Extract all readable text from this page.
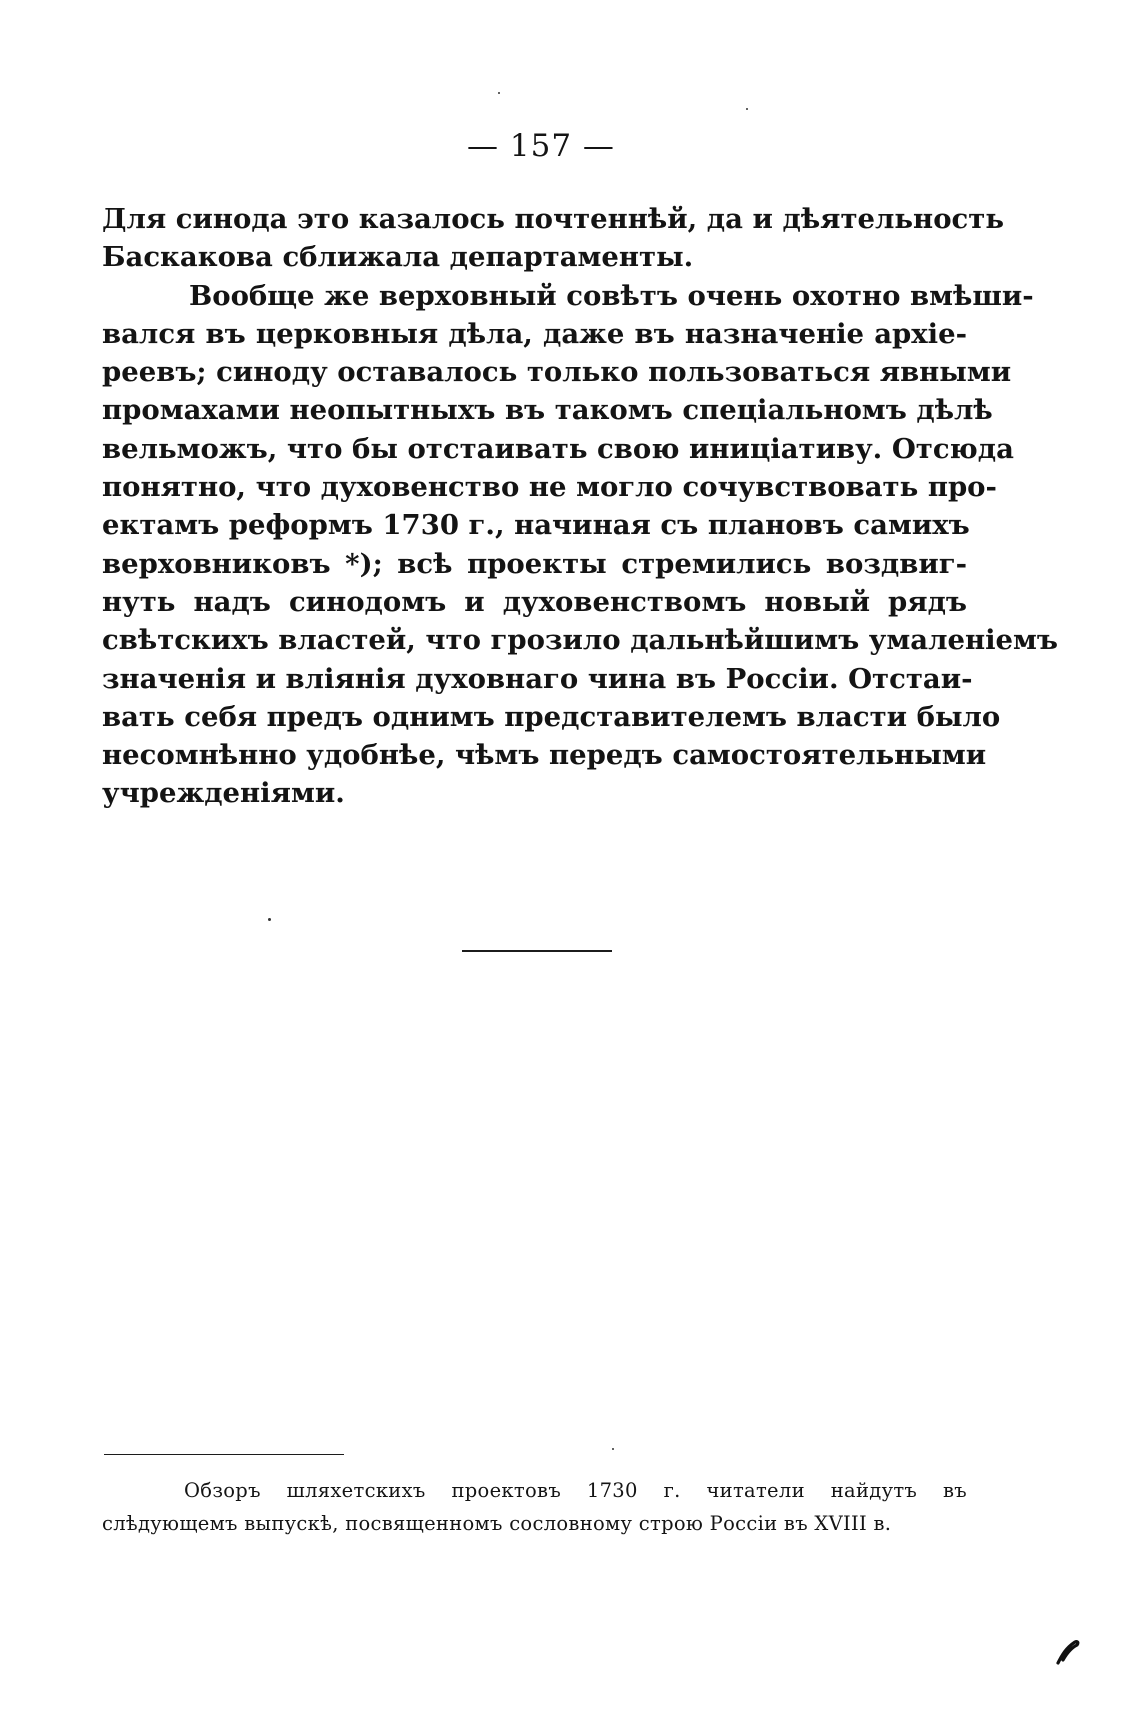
— 157 —
Для синода это казалось почтеннѣй, да и дѣятельность
Баскакова сближала департаменты.
Вообще же верховный совѣтъ очень охотно вмѣши-
вался въ церковныя дѣла, даже въ назначеніе архіе-
реевъ; синоду оставалось только пользоваться явными
промахами неопытныхъ въ такомъ спеціальномъ дѣлѣ
вельможъ, что бы отстаивать свою иниціативу. Отсюда
понятно, что духовенство не могло сочувствовать про-
ектамъ реформъ 1730 г., начиная съ плановъ самихъ
верховниковъ *); всѣ проекты стремились воздвиг-
нуть надъ синодомъ и духовенствомъ новый рядъ
свѣтскихъ властей, что грозило дальнѣйшимъ умаленіемъ
значенія и вліянія духовнаго чина въ Россіи. Отстаи-
вать себя предъ однимъ представителемъ власти было
несомнѣнно удобнѣе, чѣмъ передъ самостоятельными
учрежденіями.
Обзоръ шляхетскихъ проектовъ 1730 г. читатели найдутъ въ
слѣдующемъ выпускѣ, посвященномъ сословному строю Россіи въ XVIII в.
